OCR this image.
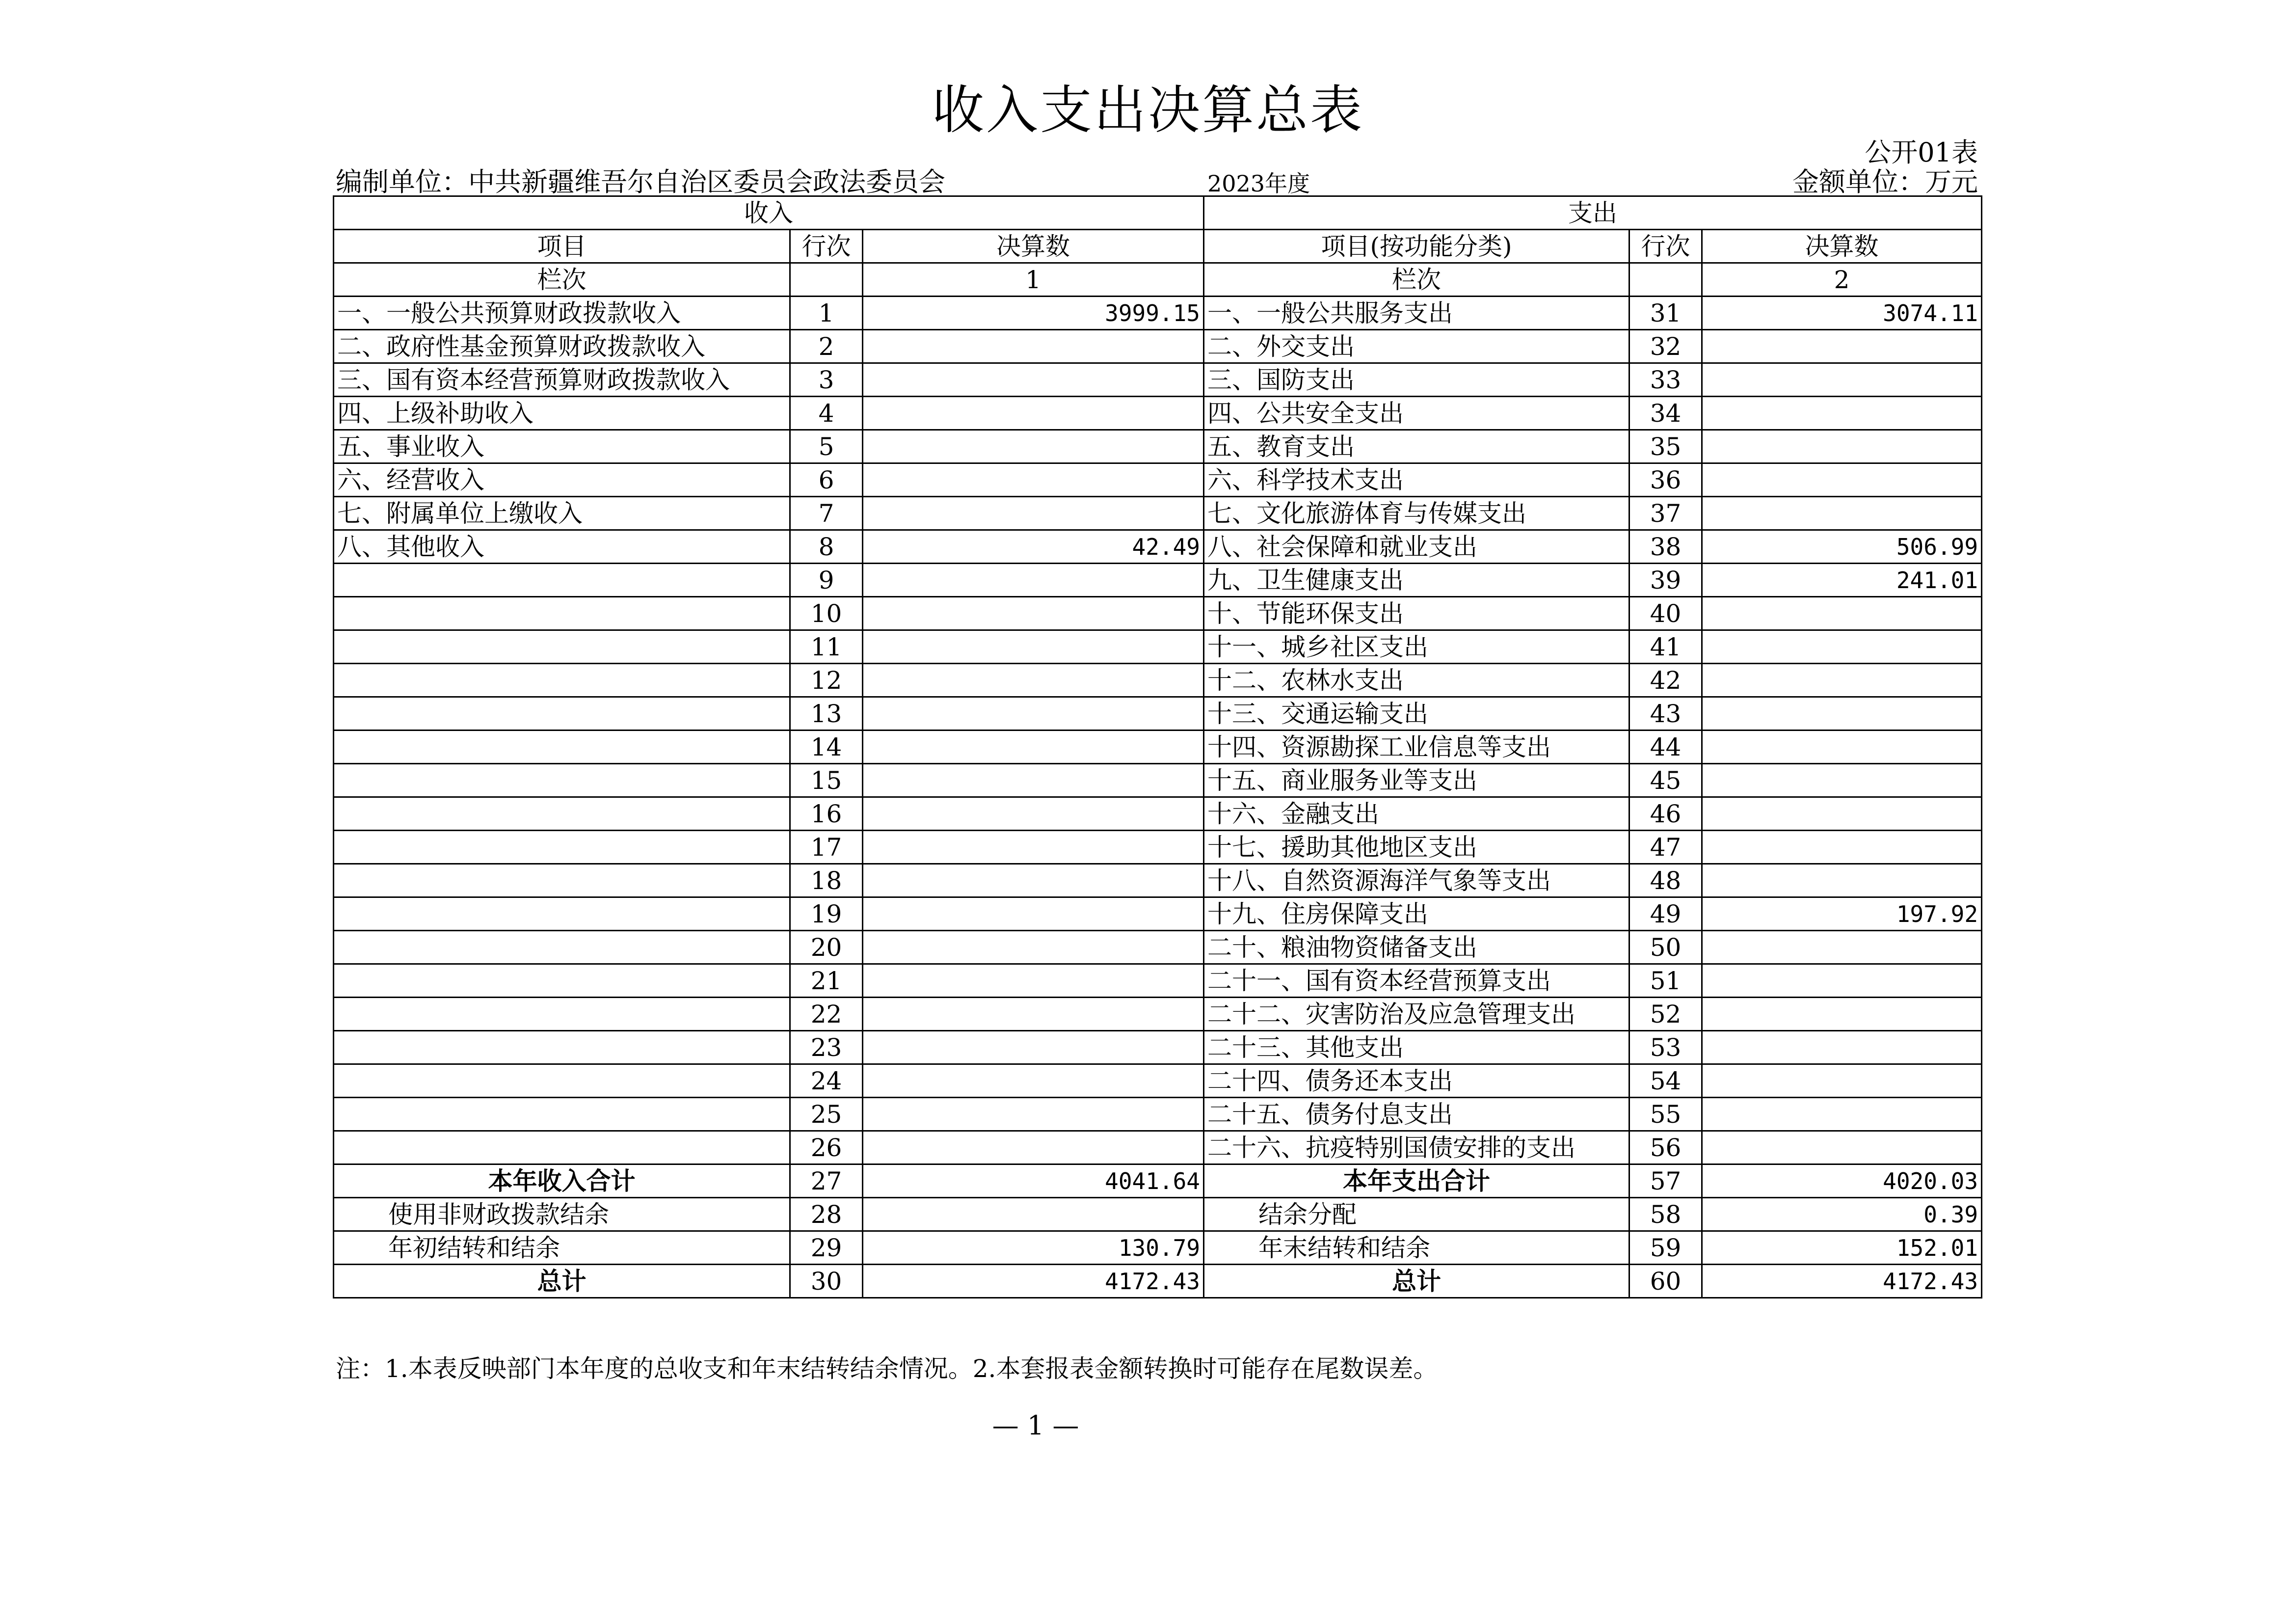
收入支出决算总表
公开01表
编制单位：中共新疆维吾尔自治区委员会政法委员会	2023年度	金额单位：万元
收入			支出		
项目	行次	决算数	项目(按功能分类)	行次	决算数
栏次		1	栏次		2
一、一般公共预算财政拨款收入	1	3999.15	一、一般公共服务支出	31	3074.11
二、政府性基金预算财政拨款收入	2		二、外交支出	32	
三、国有资本经营预算财政拨款收入	3		三、国防支出	33	
四、上级补助收入	4		四、公共安全支出	34	
五、事业收入	5		五、教育支出	35	
六、经营收入	6		六、科学技术支出	36	
七、附属单位上缴收入	7		七、文化旅游体育与传媒支出	37	
八、其他收入	8	42.49	八、社会保障和就业支出	38	506.99
	9		九、卫生健康支出	39	241.01
	10		十、节能环保支出	40	
	11		十一、城乡社区支出	41	
	12		十二、农林水支出	42	
	13		十三、交通运输支出	43	
	14		十四、资源勘探工业信息等支出	44	
	15		十五、商业服务业等支出	45	
	16		十六、金融支出	46	
	17		十七、援助其他地区支出	47	
	18		十八、自然资源海洋气象等支出	48	
	19		十九、住房保障支出	49	197.92
	20		二十、粮油物资储备支出	50	
	21		二十一、国有资本经营预算支出	51	
	22		二十二、灾害防治及应急管理支出	52	
	23		二十三、其他支出	53	
	24		二十四、债务还本支出	54	
	25		二十五、债务付息支出	55	
	26		二十六、抗疫特别国债安排的支出	56	
本年收入合计	27	4041.64	本年支出合计	57	4020.03
使用非财政拨款结余	28		结余分配	58	0.39
年初结转和结余	29	130.79	年末结转和结余	59	152.01
总计	30	4172.43	总计	60	4172.43
注：1.本表反映部门本年度的总收支和年末结转结余情况。2.本套报表金额转换时可能存在尾数误差。
— 1 —
